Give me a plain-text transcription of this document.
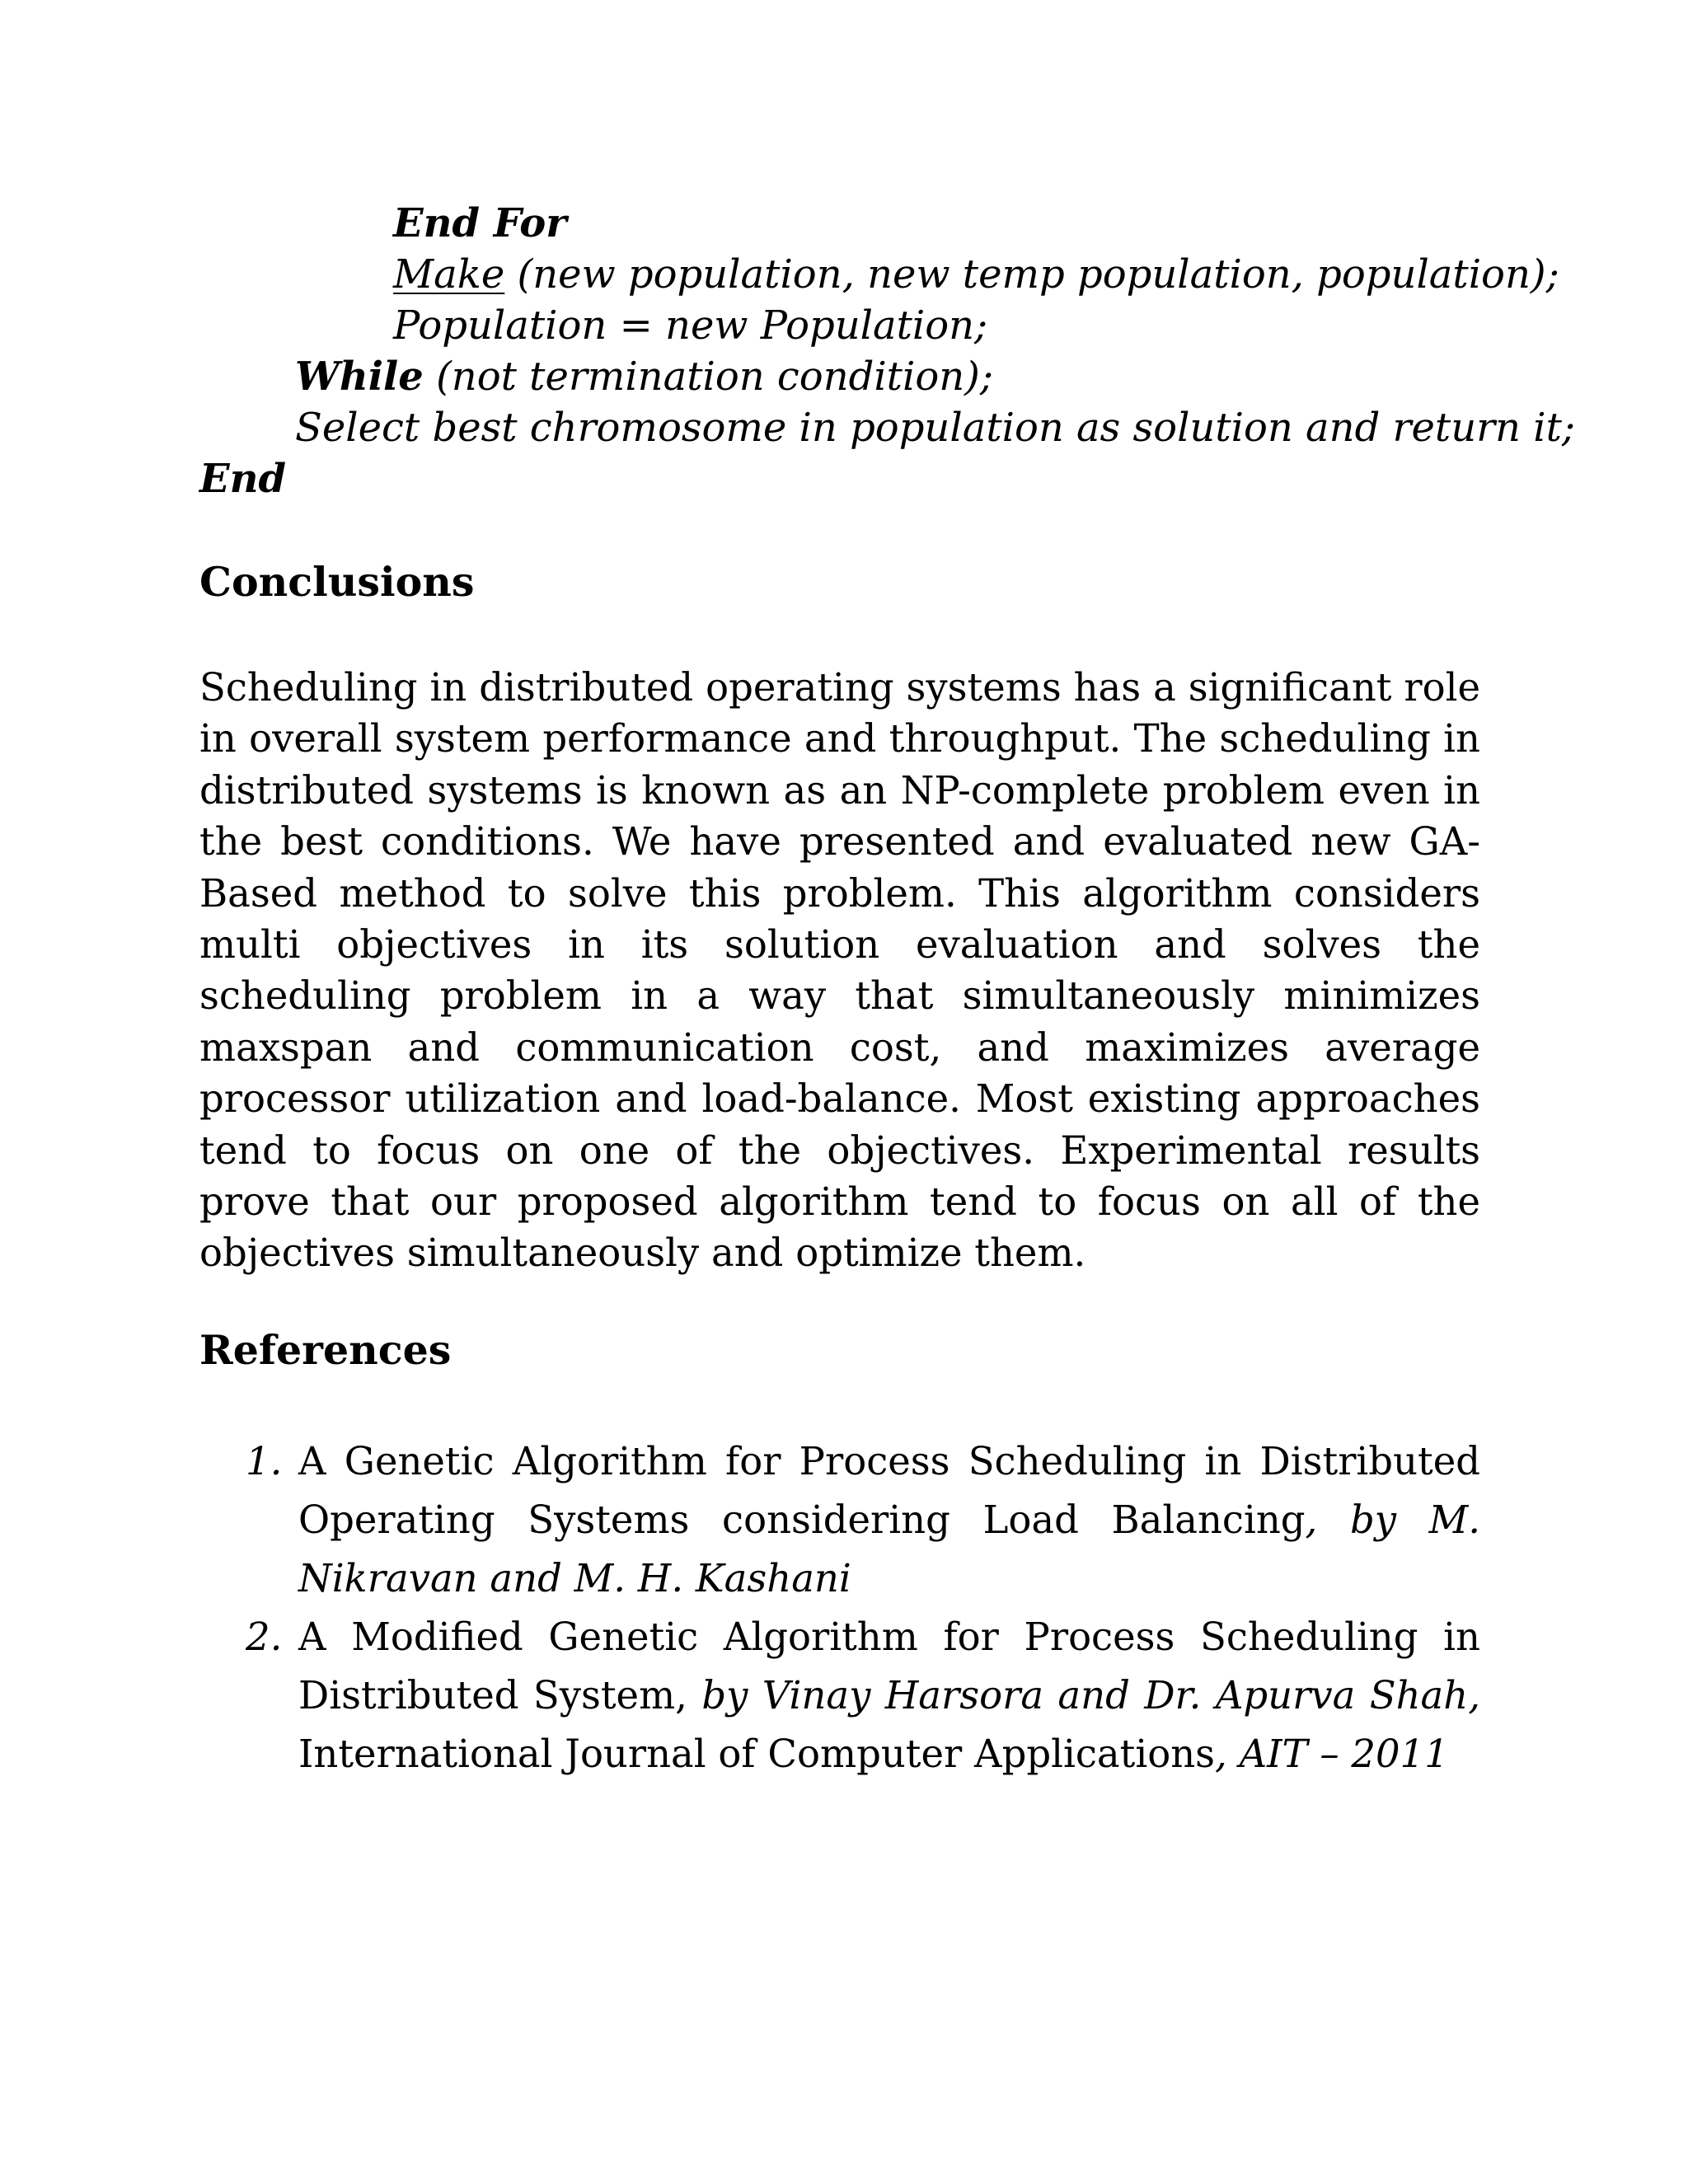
End For
Make (new population, new temp population, population);
Population = new Population;
While (not termination condition);
Select best chromosome in population as solution and return it;
End
Conclusions
Scheduling in distributed operating systems has a significant role in overall system performance and throughput. The scheduling in distributed systems is known as an NP-complete problem even in the best conditions. We have presented and evaluated new GA-Based method to solve this problem. This algorithm considers multi objectives in its solution evaluation and solves the scheduling problem in a way that simultaneously minimizes maxspan and communication cost, and maximizes average processor utilization and load-balance. Most existing approaches tend to focus on one of the objectives. Experimental results prove that our proposed algorithm tend to focus on all of the objectives simultaneously and optimize them.
References
1. A Genetic Algorithm for Process Scheduling in Distributed Operating Systems considering Load Balancing, by M. Nikravan and M. H. Kashani
2. A Modified Genetic Algorithm for Process Scheduling in Distributed System, by Vinay Harsora and Dr. Apurva Shah, International Journal of Computer Applications, AIT – 2011
